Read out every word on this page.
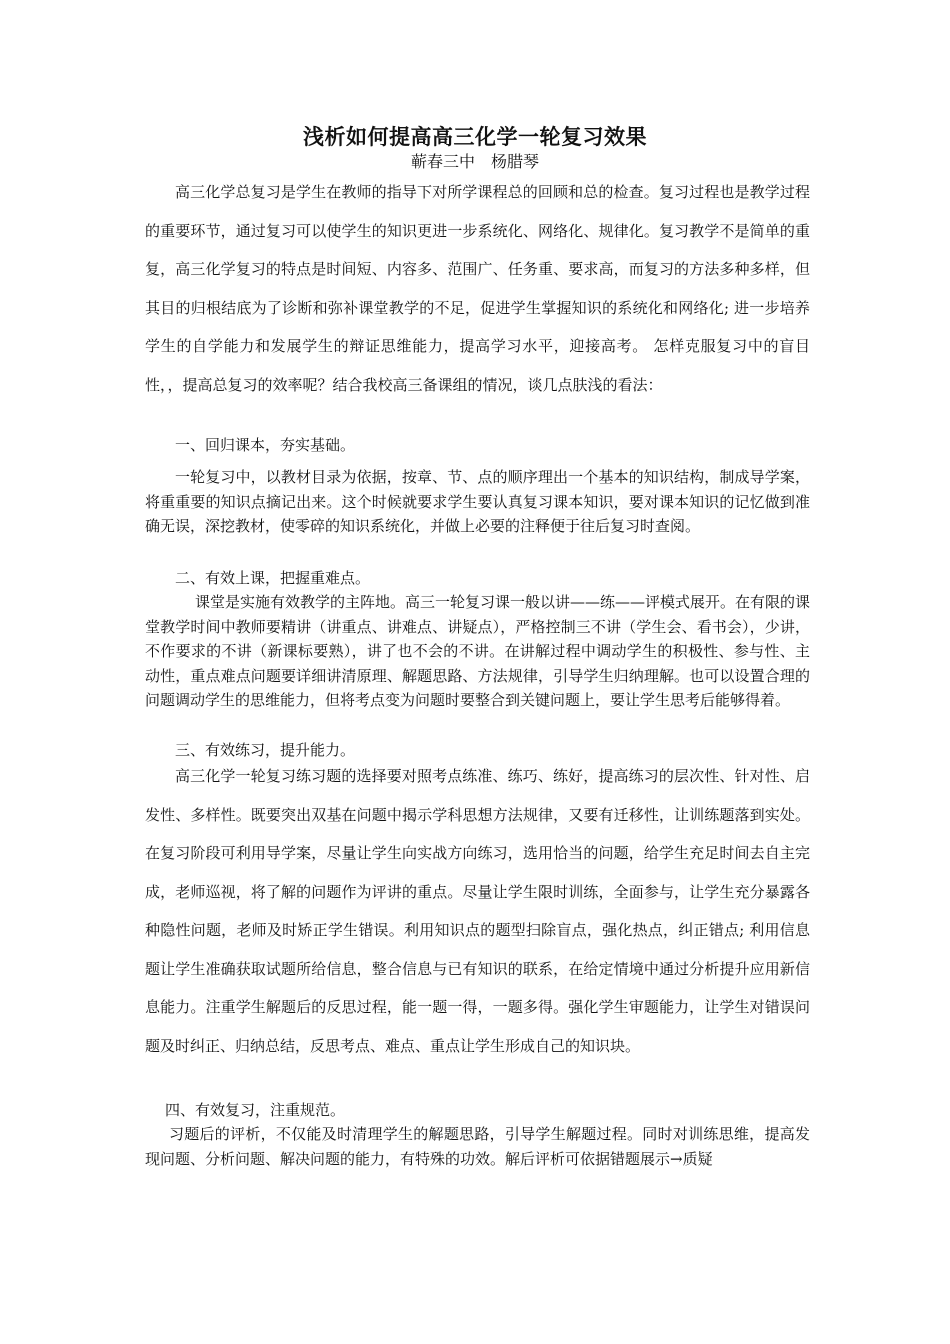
浅析如何提高高三化学一轮复习效果
蕲春三中　杨腊琴

高三化学总复习是学生在教师的指导下对所学课程总的回顾和总的检查。复习过程也是教学过程的重要环节，通过复习可以使学生的知识更进一步系统化、网络化、规律化。复习教学不是简单的重复，高三化学复习的特点是时间短、内容多、范围广、任务重、要求高，而复习的方法多种多样，但其目的归根结底为了诊断和弥补课堂教学的不足，促进学生掌握知识的系统化和网络化; 进一步培养学生的自学能力和发展学生的辩证思维能力，提高学习水平，迎接高考。 怎样克服复习中的盲目性，，提高总复习的效率呢？结合我校高三备课组的情况，谈几点肤浅的看法：

一、回归课本，夯实基础。

一轮复习中，以教材目录为依据，按章、节、点的顺序理出一个基本的知识结构，制成导学案，将重重要的知识点摘记出来。这个时候就要求学生要认真复习课本知识，要对课本知识的记忆做到准确无误，深挖教材，使零碎的知识系统化，并做上必要的注释便于往后复习时查阅。

二、有效上课，把握重难点。

课堂是实施有效教学的主阵地。高三一轮复习课一般以讲——练——评模式展开。在有限的课堂教学时间中教师要精讲（讲重点、讲难点、讲疑点），严格控制三不讲（学生会、看书会），少讲，不作要求的不讲（新课标要熟），讲了也不会的不讲。在讲解过程中调动学生的积极性、参与性、主动性，重点难点问题要详细讲清原理、解题思路、方法规律，引导学生归纳理解。也可以设置合理的问题调动学生的思维能力，但将考点变为问题时要整合到关键问题上，要让学生思考后能够得着。

三、有效练习，提升能力。

高三化学一轮复习练习题的选择要对照考点练准、练巧、练好，提高练习的层次性、针对性、启发性、多样性。既要突出双基在问题中揭示学科思想方法规律，又要有迁移性，让训练题落到实处。在复习阶段可利用导学案，尽量让学生向实战方向练习，选用恰当的问题，给学生充足时间去自主完成，老师巡视，将了解的问题作为评讲的重点。尽量让学生限时训练，全面参与，让学生充分暴露各种隐性问题，老师及时矫正学生错误。利用知识点的题型扫除盲点，强化热点，纠正错点; 利用信息题让学生准确获取试题所给信息，整合信息与已有知识的联系，在给定情境中通过分析提升应用新信息能力。注重学生解题后的反思过程，能一题一得，一题多得。强化学生审题能力，让学生对错误问题及时纠正、归纳总结，反思考点、难点、重点让学生形成自己的知识块。

四、有效复习，注重规范。

习题后的评析，不仅能及时清理学生的解题思路，引导学生解题过程。同时对训练思维，提高发现问题、分析问题、解决问题的能力，有特殊的功效。解后评析可依据错题展示→质疑
